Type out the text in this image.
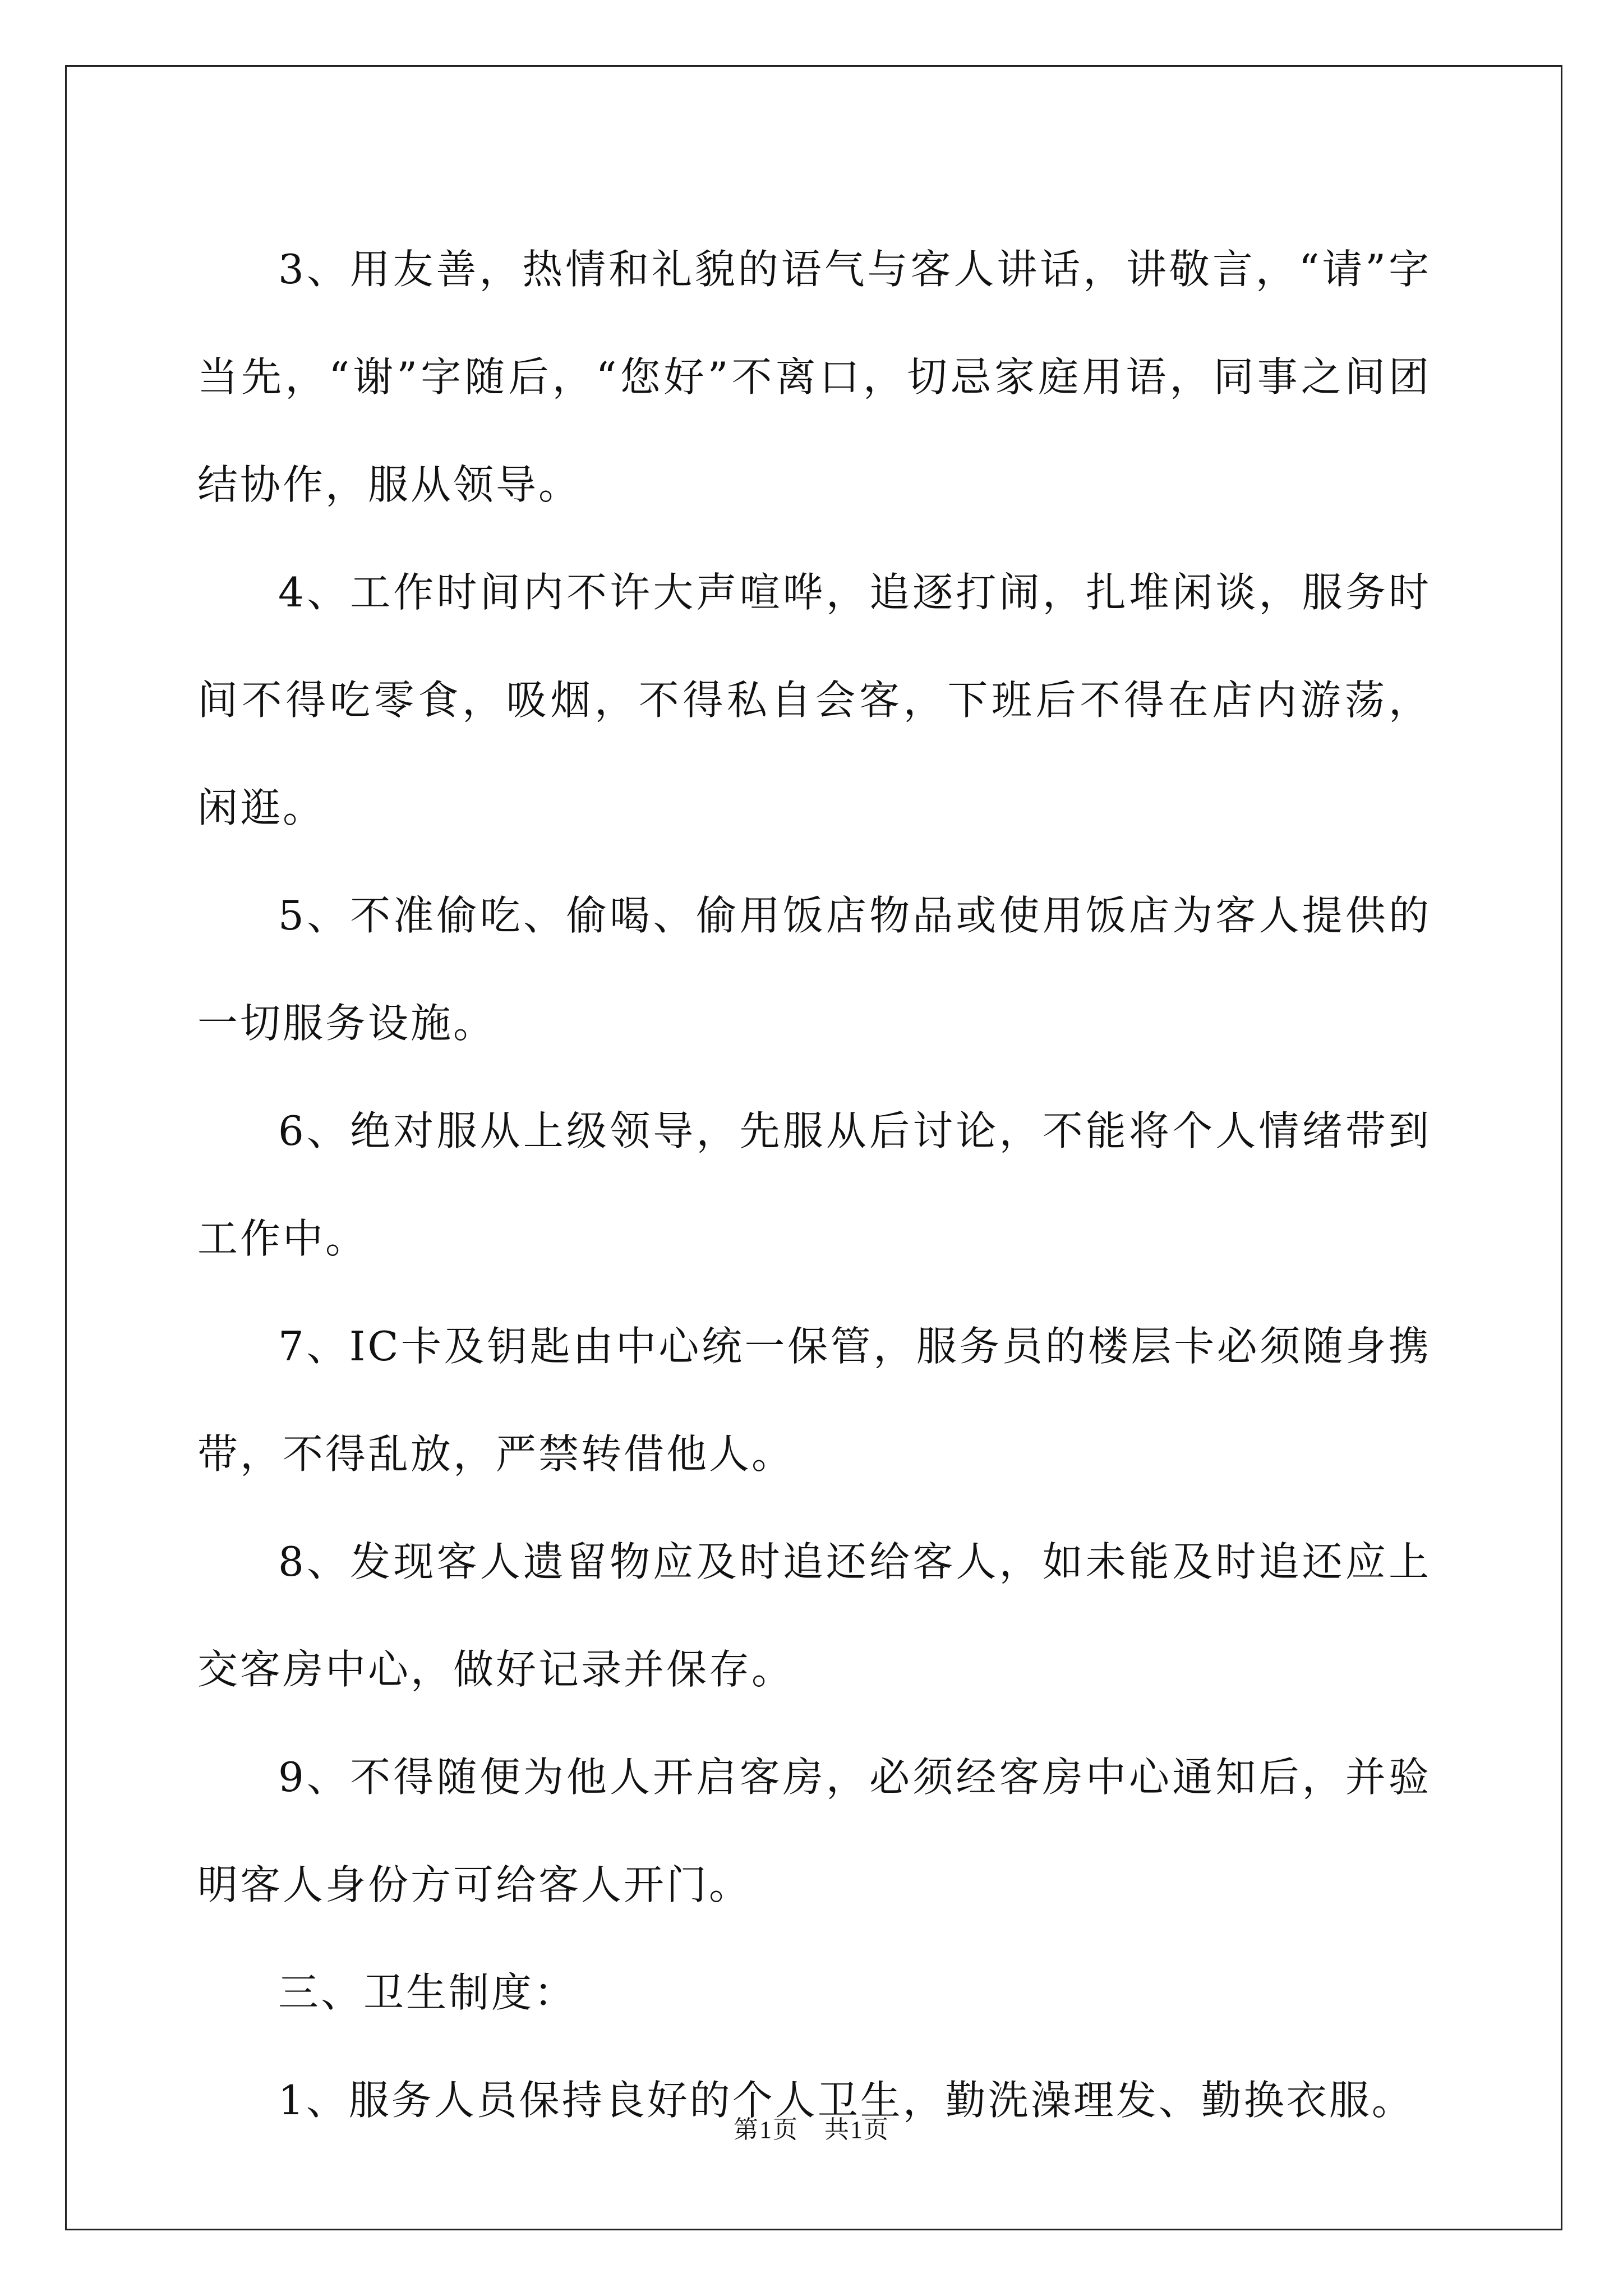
3、用友善，热情和礼貌的语气与客人讲话，讲敬言，“请”字当先，“谢”字随后，“您好”不离口，切忌家庭用语，同事之间团结协作，服从领导。

4、工作时间内不许大声喧哗，追逐打闹，扎堆闲谈，服务时间不得吃零食，吸烟，不得私自会客，下班后不得在店内游荡，闲逛。

5、不准偷吃、偷喝、偷用饭店物品或使用饭店为客人提供的一切服务设施。

6、绝对服从上级领导，先服从后讨论，不能将个人情绪带到工作中。

7、IC卡及钥匙由中心统一保管，服务员的楼层卡必须随身携带，不得乱放，严禁转借他人。

8、发现客人遗留物应及时追还给客人，如未能及时追还应上交客房中心，做好记录并保存。

9、不得随便为他人开启客房，必须经客房中心通知后，并验明客人身份方可给客人开门。

三、卫生制度：

1、服务人员保持良好的个人卫生，勤洗澡理发、勤换衣服。

第1页　共1页
